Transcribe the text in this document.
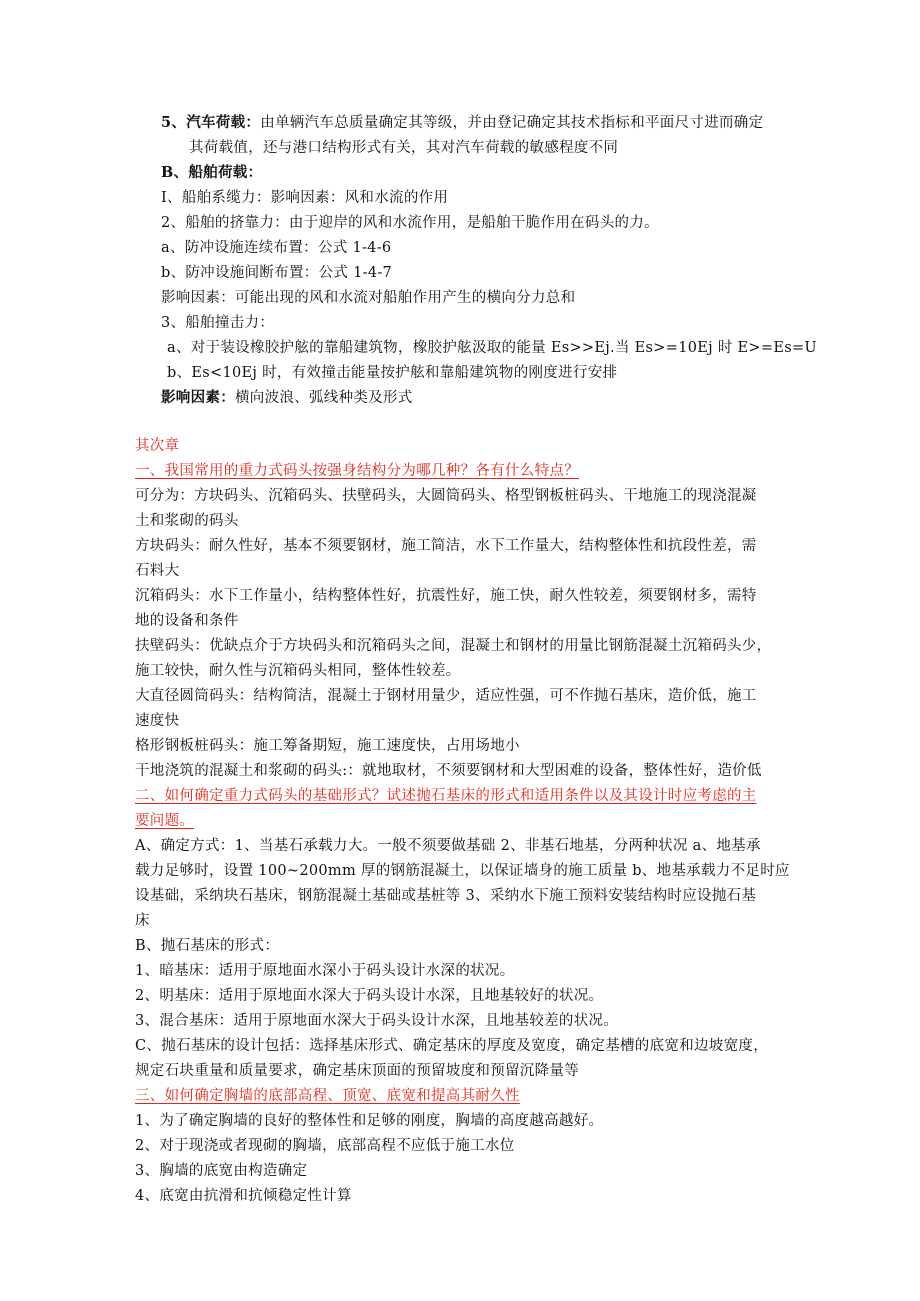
5、汽车荷载：由单辆汽车总质量确定其等级，并由登记确定其技术指标和平面尺寸进而确定
其荷载值，还与港口结构形式有关，其对汽车荷载的敏感程度不同
B、船舶荷载：
I、船舶系缆力：影响因素：风和水流的作用
2、船舶的挤靠力：由于迎岸的风和水流作用，是船舶干脆作用在码头的力。
a、防冲设施连续布置：公式 1-4-6
b、防冲设施间断布置：公式 1-4-7
影响因素：可能出现的风和水流对船舶作用产生的横向分力总和
3、船舶撞击力：
a、对于装设橡胶护舷的靠船建筑物，橡胶护舷汲取的能量 Es>>Ej.当 Es>=10Ej 时 E>=Es=U
b、Es<10Ej 时，有效撞击能量按护舷和靠船建筑物的刚度进行安排
影响因素：横向波浪、弧线种类及形式
其次章
一、我国常用的重力式码头按强身结构分为哪几种？各有什么特点？
可分为：方块码头、沉箱码头、扶壁码头，大圆筒码头、格型钢板桩码头、干地施工的现浇混凝
土和浆砌的码头
方块码头：耐久性好，基本不须要钢材，施工简洁，水下工作量大，结构整体性和抗段性差，需
石料大
沉箱码头：水下工作量小，结构整体性好，抗震性好，施工快，耐久性较差，须要钢材多，需特
地的设备和条件
扶壁码头：优缺点介于方块码头和沉箱码头之间，混凝土和钢材的用量比钢筋混凝土沉箱码头少，
施工较快，耐久性与沉箱码头相同，整体性较差。
大直径圆筒码头：结构简洁，混凝土于钢材用量少，适应性强，可不作抛石基床，造价低，施工
速度快
格形钢板桩码头：施工筹备期短，施工速度快，占用场地小
干地浇筑的混凝土和浆砌的码头:：就地取材，不须要钢材和大型困难的设备，整体性好，造价低
二、如何确定重力式码头的基础形式？试述抛石基床的形式和适用条件以及其设计时应考虑的主
要问题。
A、确定方式：1、当基石承载力大。一般不须要做基础 2、非基石地基，分两种状况 a、地基承
载力足够时，设置 100~200mm 厚的钢筋混凝土，以保证墙身的施工质量 b、地基承载力不足时应
设基础，采纳块石基床，钢筋混凝土基础或基桩等 3、采纳水下施工预料安装结构时应设抛石基
床
B、抛石基床的形式：
1、暗基床：适用于原地面水深小于码头设计水深的状况。
2、明基床：适用于原地面水深大于码头设计水深，且地基较好的状况。
3、混合基床：适用于原地面水深大于码头设计水深，且地基较差的状况。
C、抛石基床的设计包括：选择基床形式、确定基床的厚度及宽度，确定基槽的底宽和边坡宽度，
规定石块重量和质量要求，确定基床顶面的预留坡度和预留沉降量等
三、如何确定胸墙的底部高程、顶宽、底宽和提高其耐久性
1、为了确定胸墙的良好的整体性和足够的刚度，胸墙的高度越高越好。
2、对于现浇或者现砌的胸墙，底部高程不应低于施工水位
3、胸墙的底宽由构造确定
4、底宽由抗滑和抗倾稳定性计算
